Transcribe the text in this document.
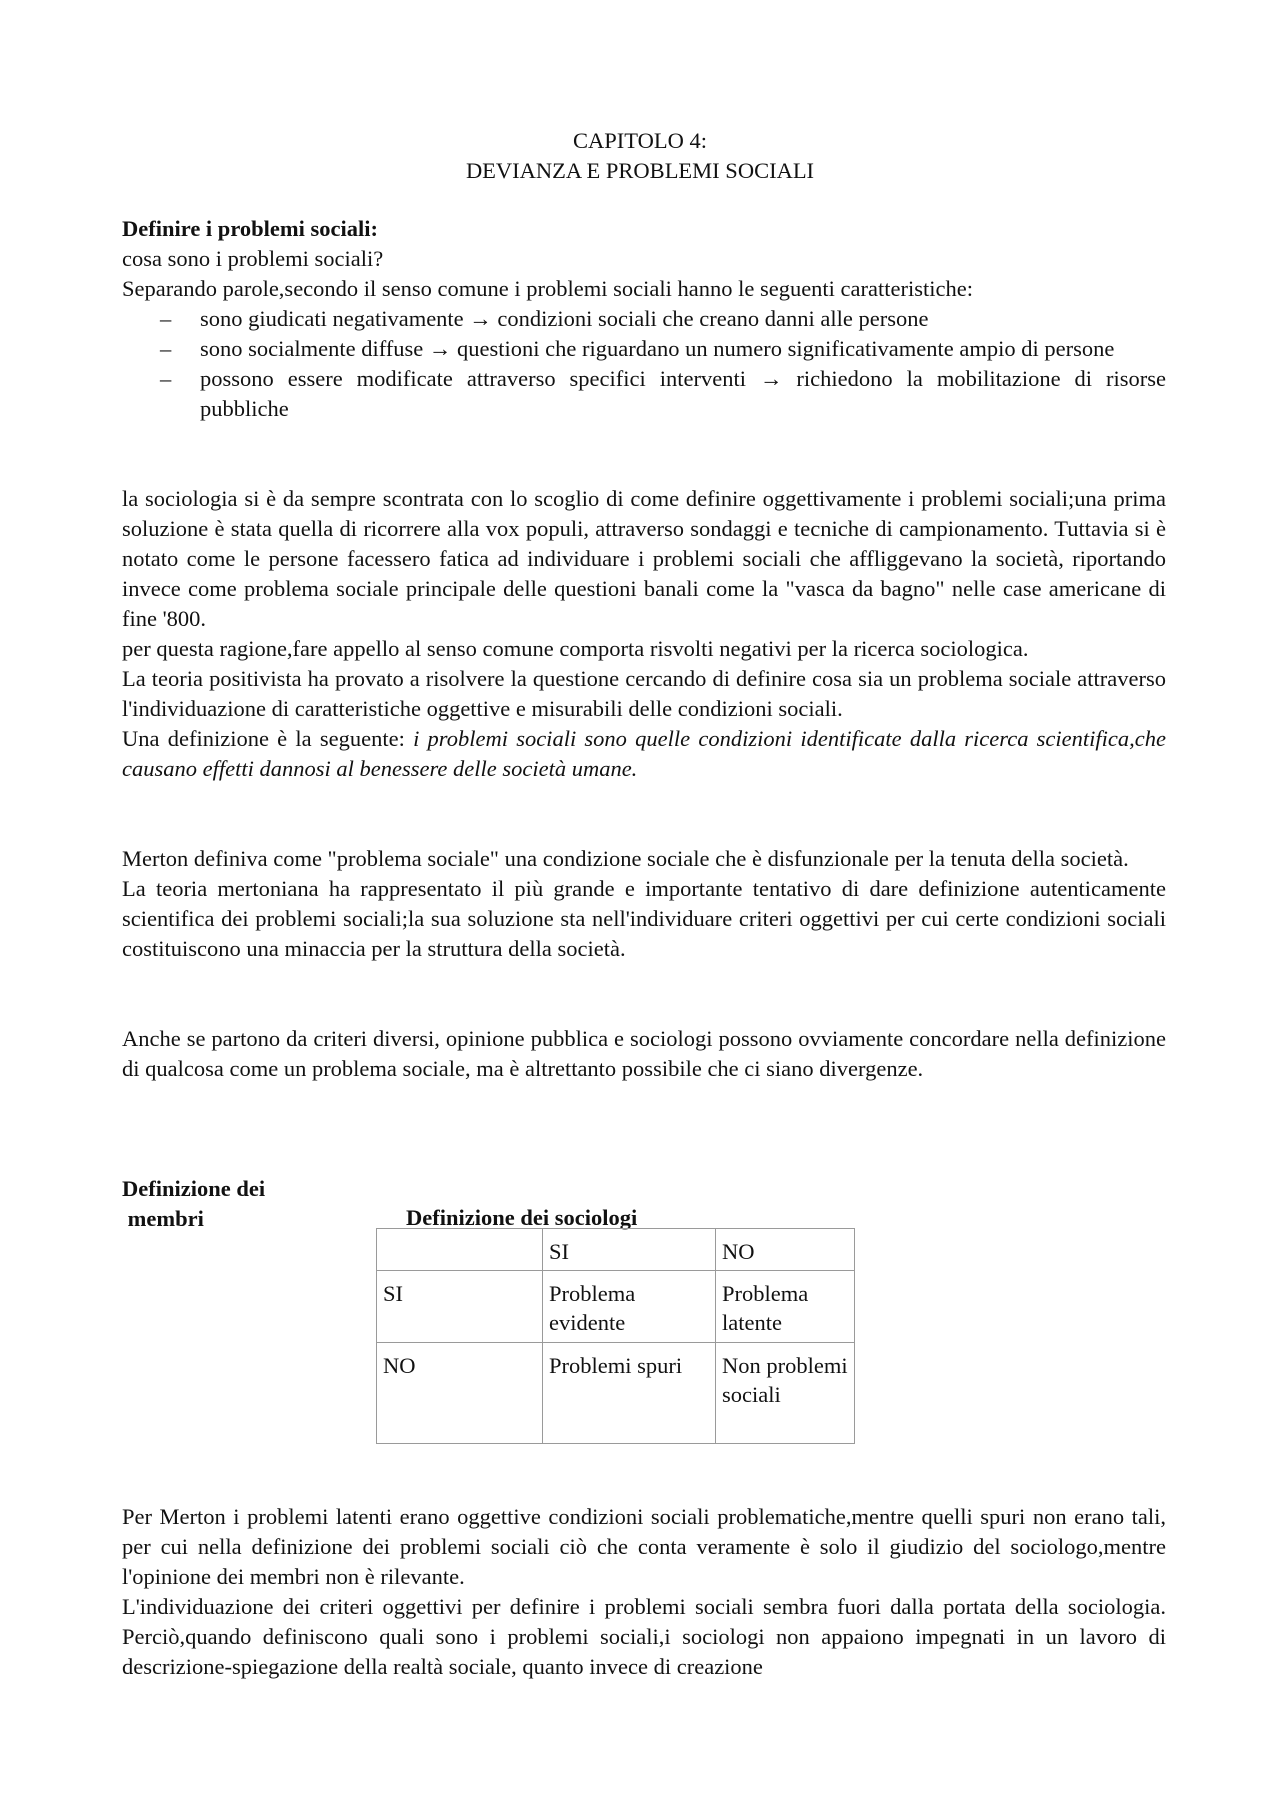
CAPITOLO 4:
DEVIANZA E PROBLEMI SOCIALI

Definire i problemi sociali:

cosa sono i problemi sociali?

Separando parole,secondo il senso comune i problemi sociali hanno le seguenti caratteristiche:

– sono giudicati negativamente → condizioni sociali che creano danni alle persone
– sono socialmente diffuse → questioni che riguardano un numero significativamente ampio di persone
– possono essere modificate attraverso specifici interventi → richiedono la mobilitazione di risorse pubbliche

la sociologia si è da sempre scontrata con lo scoglio di come definire oggettivamente i problemi sociali;una prima soluzione è stata quella di ricorrere alla vox populi, attraverso sondaggi e tecniche di campionamento. Tuttavia si è notato come le persone facessero fatica ad individuare i problemi sociali che affliggevano la società, riportando invece come problema sociale principale delle questioni banali come la "vasca da bagno" nelle case americane di fine '800.

per questa ragione,fare appello al senso comune comporta risvolti negativi per la ricerca sociologica.

La teoria positivista ha provato a risolvere la questione cercando di definire cosa sia un problema sociale attraverso l'individuazione di caratteristiche oggettive e misurabili delle condizioni sociali.

Una definizione è la seguente: i problemi sociali sono quelle condizioni identificate dalla ricerca scientifica,che causano effetti dannosi al benessere delle società umane.

Merton definiva come "problema sociale" una condizione sociale che è disfunzionale per la tenuta della società.

La teoria mertoniana ha rappresentato il più grande e importante tentativo di dare definizione autenticamente scientifica dei problemi sociali;la sua soluzione sta nell'individuare criteri oggettivi per cui certe condizioni sociali costituiscono una minaccia per la struttura della società.

Anche se partono da criteri diversi, opinione pubblica e sociologi possono ovviamente concordare nella definizione di qualcosa come un problema sociale, ma è altrettanto possibile che ci siano divergenze.

Definizione dei
membri	Definizione dei sociologi
	SI	NO
SI	Problema evidente	Problema latente
NO	Problemi spuri	Non problemi sociali

Per Merton i problemi latenti erano oggettive condizioni sociali problematiche,mentre quelli spuri non erano tali, per cui nella definizione dei problemi sociali ciò che conta veramente è solo il giudizio del sociologo,mentre l'opinione dei membri non è rilevante.

L'individuazione dei criteri oggettivi per definire i problemi sociali sembra fuori dalla portata della sociologia. Perciò,quando definiscono quali sono i problemi sociali,i sociologi non appaiono impegnati in un lavoro di descrizione-spiegazione della realtà sociale, quanto invece di creazione
